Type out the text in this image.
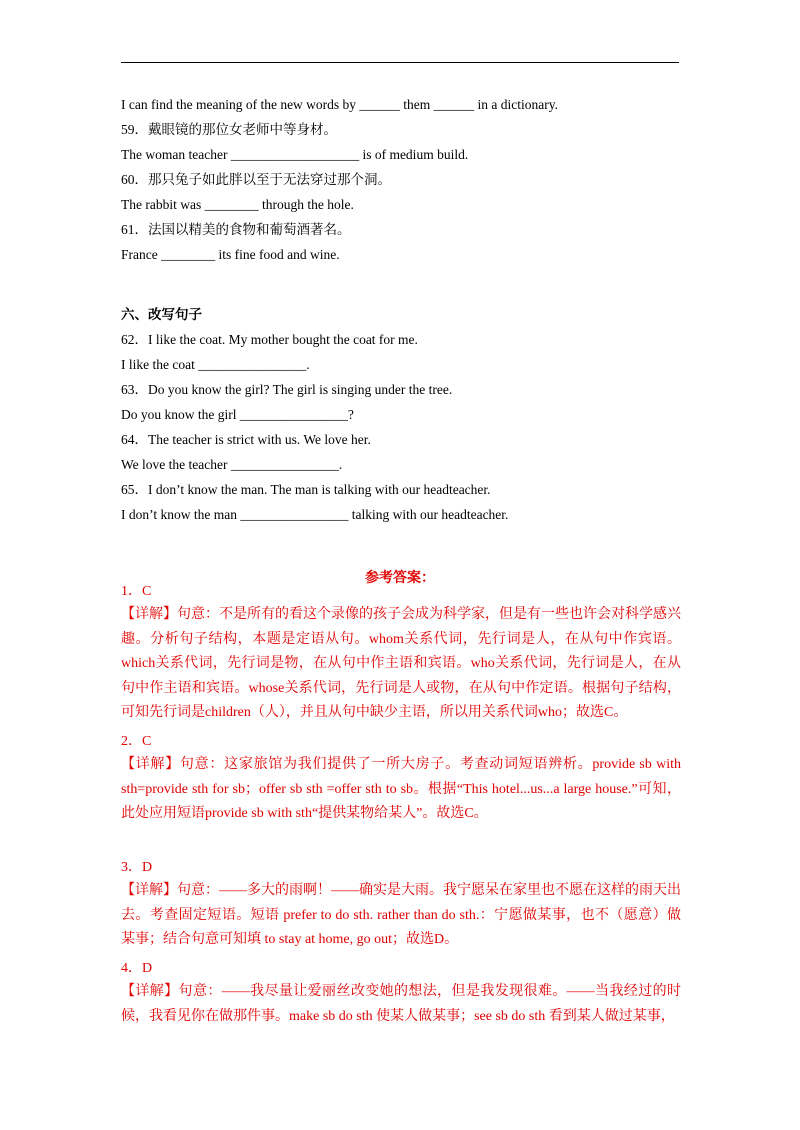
I can find the meaning of the new words by ______ them ______ in a dictionary.
59．戴眼镜的那位女老师中等身材。
The woman teacher ___________________ is of medium build.
60．那只兔子如此胖以至于无法穿过那个洞。
The rabbit was ________ through the hole.
61．法国以精美的食物和葡萄酒著名。
France ________ its fine food and wine.
六、改写句子
62．I like the coat. My mother bought the coat for me.
I like the coat ________________.
63．Do you know the girl? The girl is singing under the tree.
Do you know the girl ________________?
64．The teacher is strict with us. We love her.
We love the teacher ________________.
65．I don’t know the man. The man is talking with our headteacher.
I don’t know the man ________________ talking with our headteacher.
参考答案：
1．C
【详解】句意：不是所有的看这个录像的孩子会成为科学家，但是有一些也许会对科学感兴趣。分析句子结构，本题是定语从句。whom关系代词，先行词是人，在从句中作宾语。 which关系代词，先行词是物，在从句中作主语和宾语。who关系代词，先行词是人，在从句中作主语和宾语。whose关系代词，先行词是人或物，在从句中作定语。根据句子结构，可知先行词是children（人），并且从句中缺少主语，所以用关系代词who；故选C。
2．C
【详解】句意：这家旅馆为我们提供了一所大房子。考查动词短语辨析。provide sb with sth=provide sth for sb；offer sb sth =offer sth to sb。根据“This hotel...us...a large house.”可知，此处应用短语provide sb with sth“提供某物给某人”。故选C。
3．D
【详解】句意：——多大的雨啊！——确实是大雨。我宁愿呆在家里也不愿在这样的雨天出去。考查固定短语。短语 prefer to do sth. rather than do sth.：宁愿做某事，也不（愿意）做某事；结合句意可知填 to stay at home, go out；故选D。
4．D
【详解】句意：——我尽量让爱丽丝改变她的想法，但是我发现很难。——当我经过的时候，我看见你在做那件事。make sb do sth 使某人做某事；see sb do sth 看到某人做过某事，
